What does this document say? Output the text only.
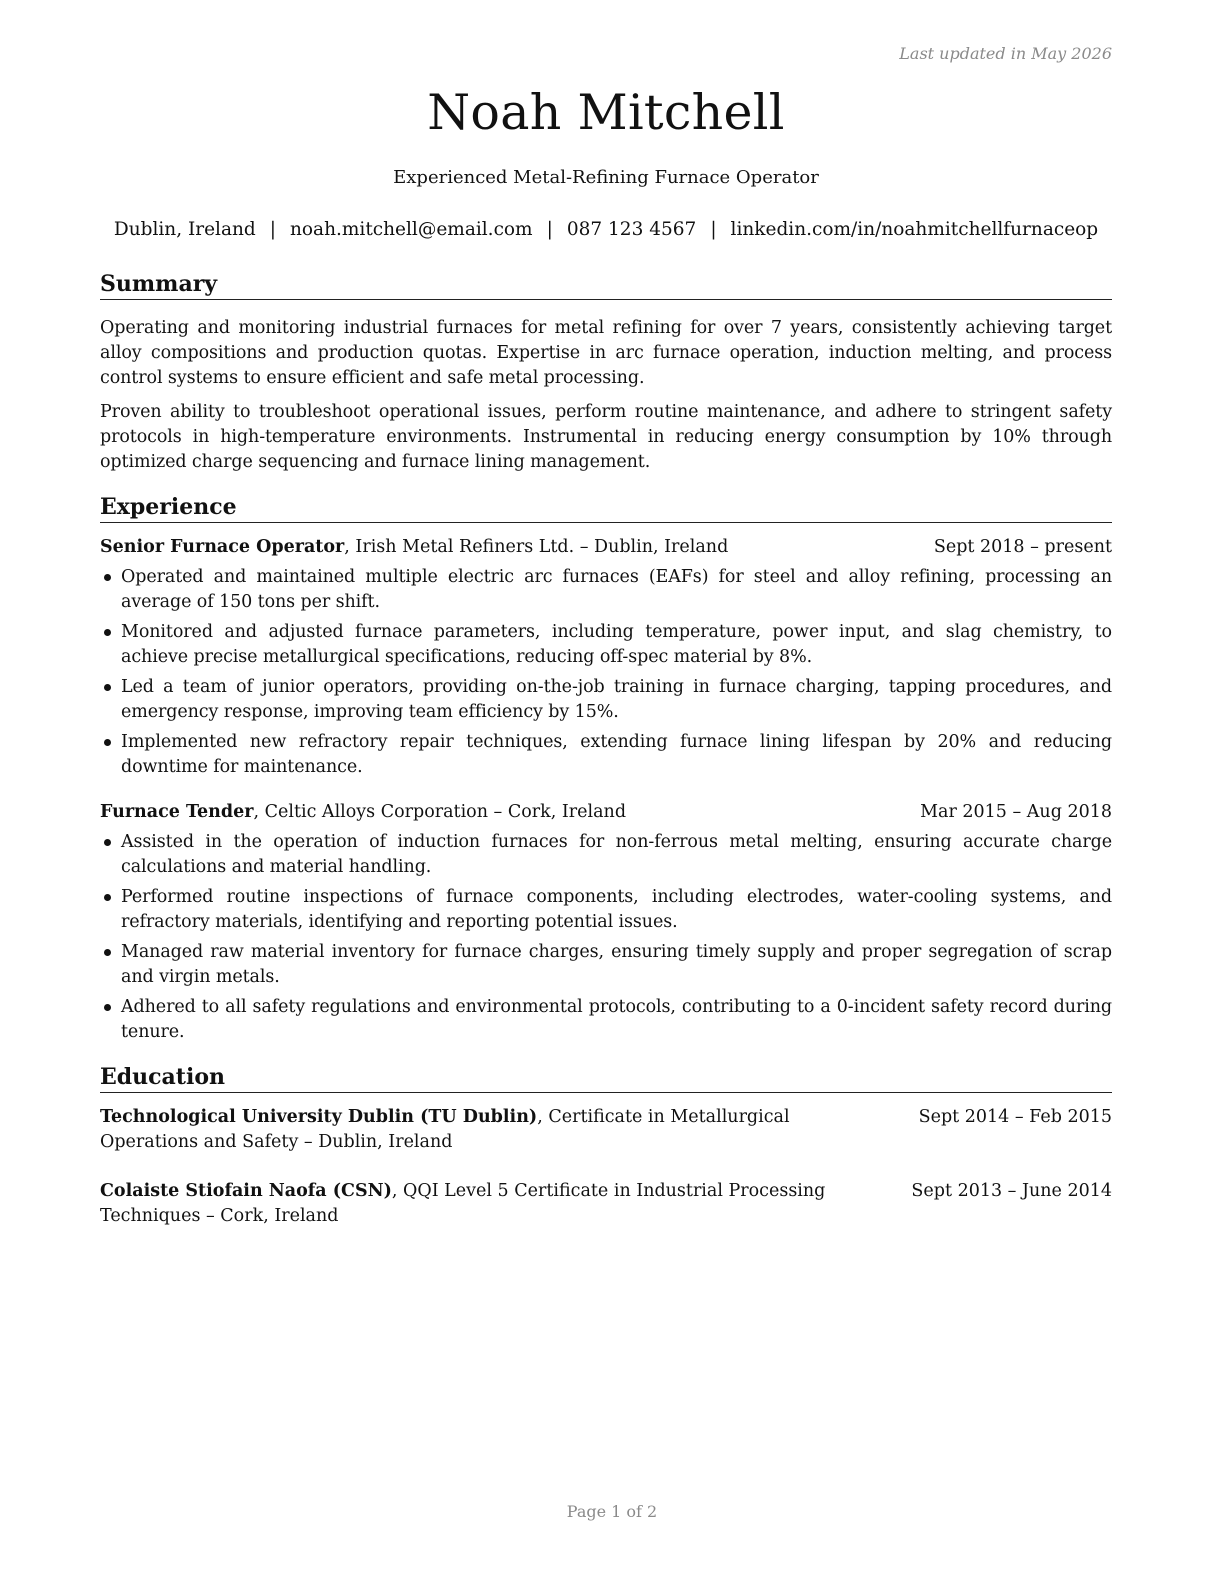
Last updated in May 2026
Noah Mitchell
Experienced Metal-Refining Furnace Operator
Dublin, Ireland | noah.mitchell@email.com | 087 123 4567 | linkedin.com/in/noahmitchellfurnaceop
Summary

Operating and monitoring industrial furnaces for metal refining for over 7 years, consistently achieving target alloy compositions and production quotas. Expertise in arc furnace operation, induction melting, and process control systems to ensure efficient and safe metal processing.

Proven ability to troubleshoot operational issues, perform routine maintenance, and adhere to stringent safety protocols in high-temperature environments. Instrumental in reducing energy consumption by 10% through optimized charge sequencing and furnace lining management.

Experience
Senior Furnace Operator, Irish Metal Refiners Ltd. – Dublin, Ireland	Sept 2018 – present
Operated and maintained multiple electric arc furnaces (EAFs) for steel and alloy refining, processing an average of 150 tons per shift.
Monitored and adjusted furnace parameters, including temperature, power input, and slag chemistry, to achieve precise metallurgical specifications, reducing off-spec material by 8%.
Led a team of junior operators, providing on-the-job training in furnace charging, tapping procedures, and emergency response, improving team efficiency by 15%.
Implemented new refractory repair techniques, extending furnace lining lifespan by 20% and reducing downtime for maintenance.
Furnace Tender, Celtic Alloys Corporation – Cork, Ireland	Mar 2015 – Aug 2018
Assisted in the operation of induction furnaces for non-ferrous metal melting, ensuring accurate charge calculations and material handling.
Performed routine inspections of furnace components, including electrodes, water-cooling systems, and refractory materials, identifying and reporting potential issues.
Managed raw material inventory for furnace charges, ensuring timely supply and proper segregation of scrap and virgin metals.
Adhered to all safety regulations and environmental protocols, contributing to a 0-incident safety record during tenure.
Education
Technological University Dublin (TU Dublin), Certificate in Metallurgical Operations and Safety – Dublin, Ireland
Sept 2014 – Feb 2015
Colaiste Stiofain Naofa (CSN), QQI Level 5 Certificate in Industrial Processing Techniques – Cork, Ireland
Sept 2013 – June 2014
Page 1 of 2
